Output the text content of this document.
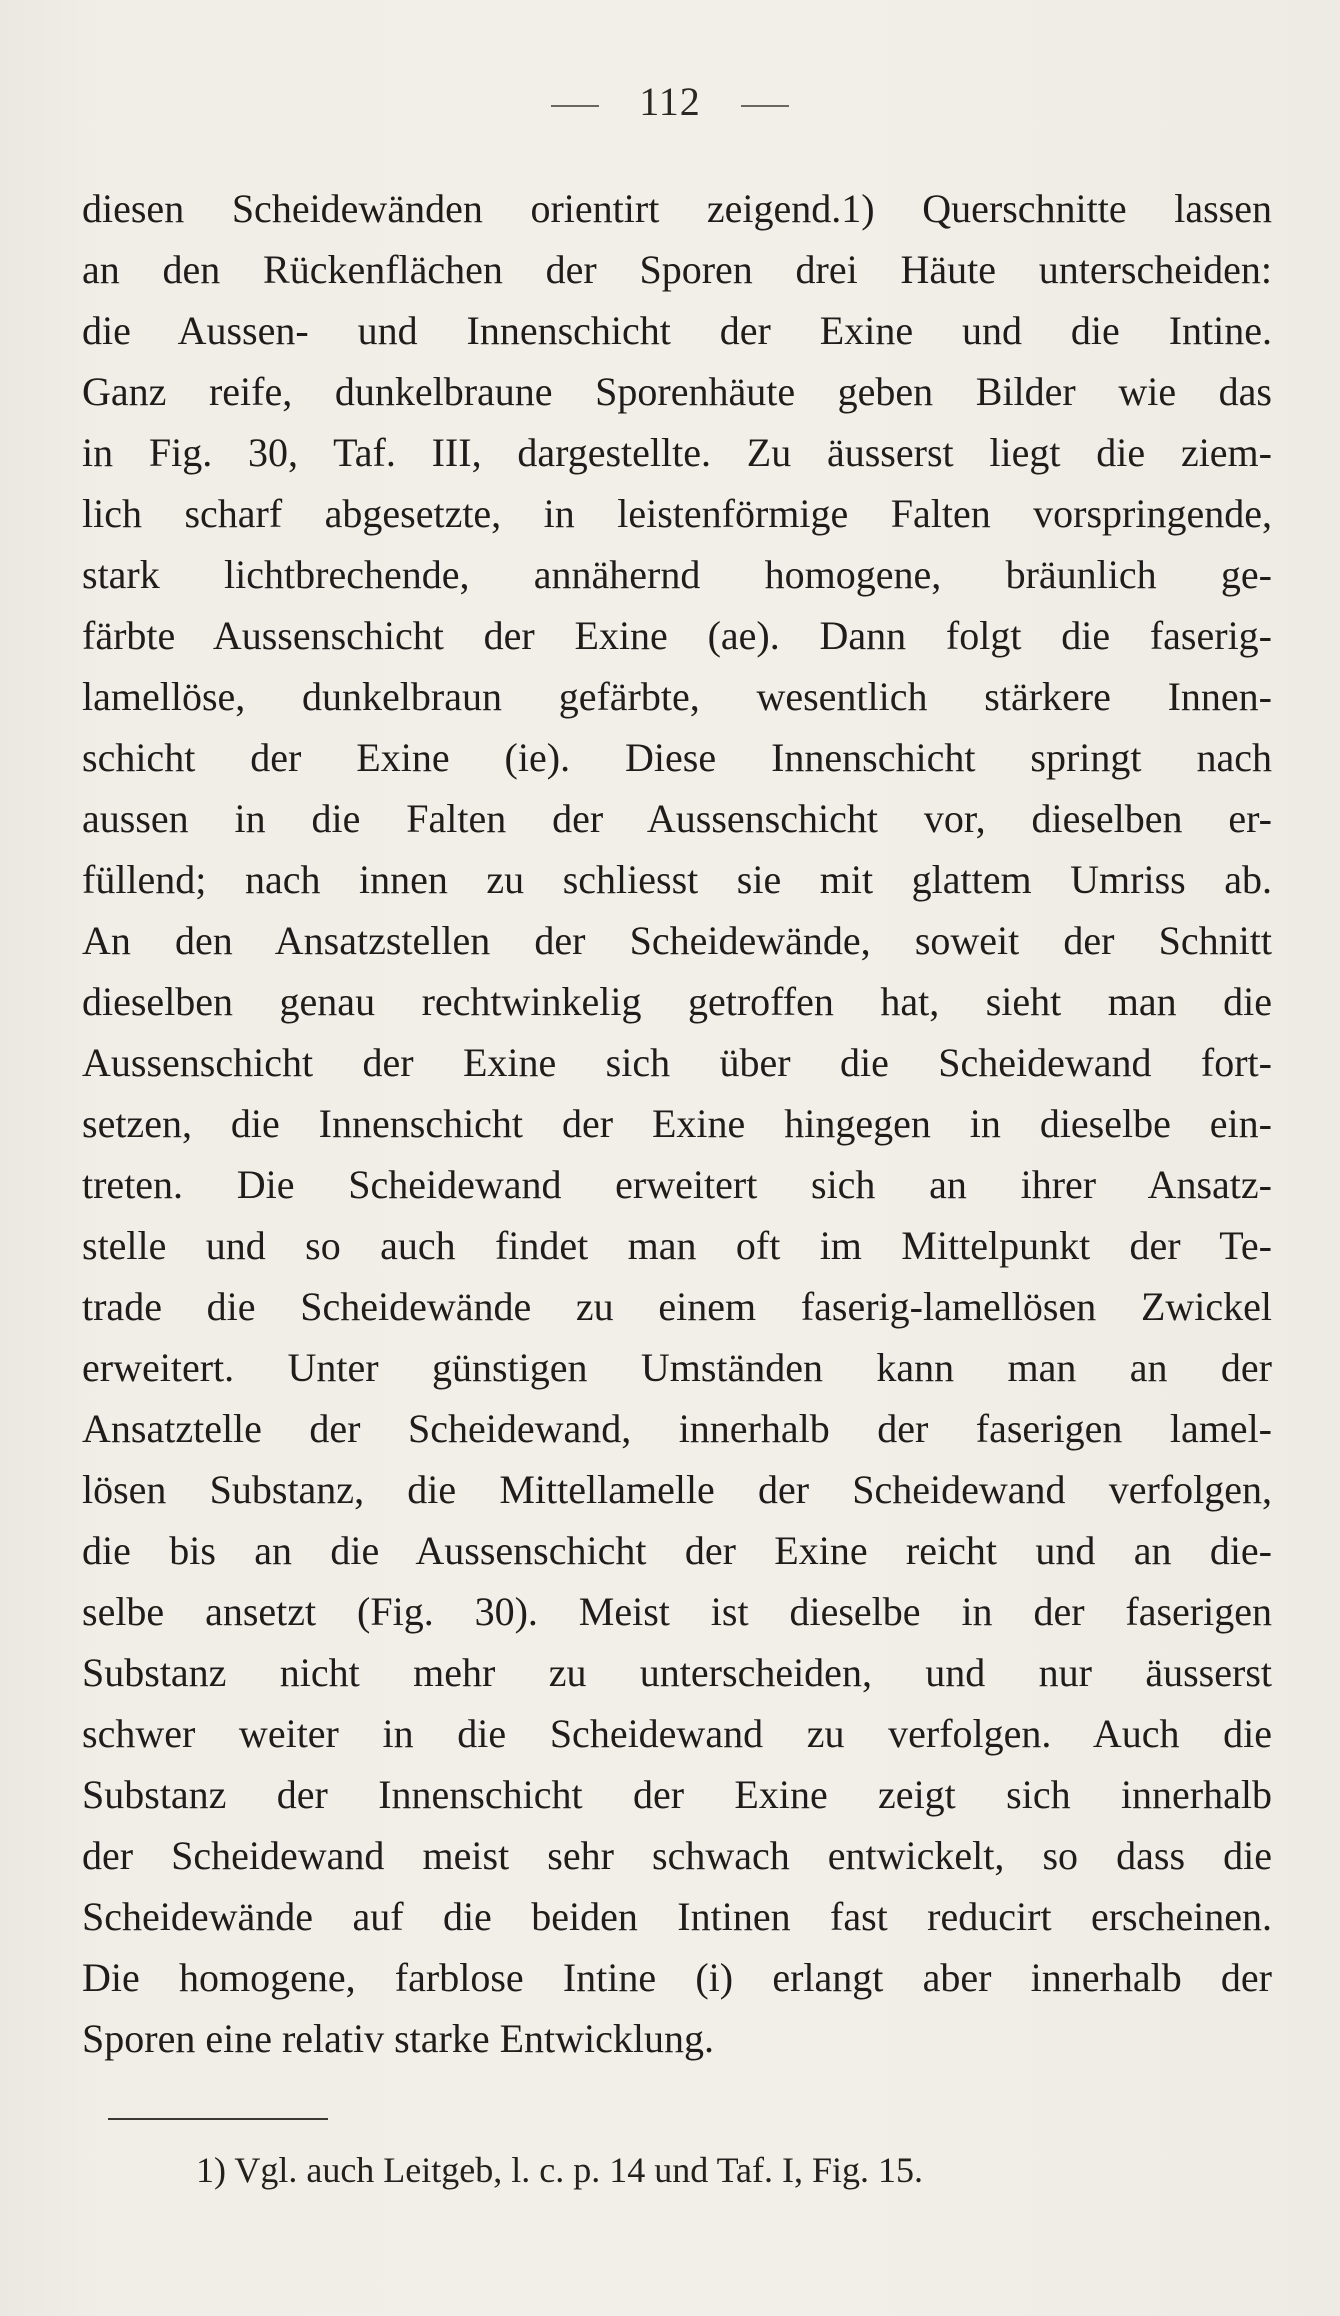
112
diesen Scheidewänden orientirt zeigend.1) Querschnitte lassen
an den Rückenflächen der Sporen drei Häute unterscheiden:
die Aussen- und Innenschicht der Exine und die Intine.
Ganz reife, dunkelbraune Sporenhäute geben Bilder wie das
in Fig. 30, Taf. III, dargestellte. Zu äusserst liegt die ziem-
lich scharf abgesetzte, in leistenförmige Falten vorspringende,
stark lichtbrechende, annähernd homogene, bräunlich ge-
färbte Aussenschicht der Exine (ae). Dann folgt die faserig-
lamellöse, dunkelbraun gefärbte, wesentlich stärkere Innen-
schicht der Exine (ie). Diese Innenschicht springt nach
aussen in die Falten der Aussenschicht vor, dieselben er-
füllend; nach innen zu schliesst sie mit glattem Umriss ab.
An den Ansatzstellen der Scheidewände, soweit der Schnitt
dieselben genau rechtwinkelig getroffen hat, sieht man die
Aussenschicht der Exine sich über die Scheidewand fort-
setzen, die Innenschicht der Exine hingegen in dieselbe ein-
treten. Die Scheidewand erweitert sich an ihrer Ansatz-
stelle und so auch findet man oft im Mittelpunkt der Te-
trade die Scheidewände zu einem faserig-lamellösen Zwickel
erweitert. Unter günstigen Umständen kann man an der
Ansatztelle der Scheidewand, innerhalb der faserigen lamel-
lösen Substanz, die Mittellamelle der Scheidewand verfolgen,
die bis an die Aussenschicht der Exine reicht und an die-
selbe ansetzt (Fig. 30). Meist ist dieselbe in der faserigen
Substanz nicht mehr zu unterscheiden, und nur äusserst
schwer weiter in die Scheidewand zu verfolgen. Auch die
Substanz der Innenschicht der Exine zeigt sich innerhalb
der Scheidewand meist sehr schwach entwickelt, so dass die
Scheidewände auf die beiden Intinen fast reducirt erscheinen.
Die homogene, farblose Intine (i) erlangt aber innerhalb der
Sporen eine relativ starke Entwicklung.
1) Vgl. auch Leitgeb, l. c. p. 14 und Taf. I, Fig. 15.
